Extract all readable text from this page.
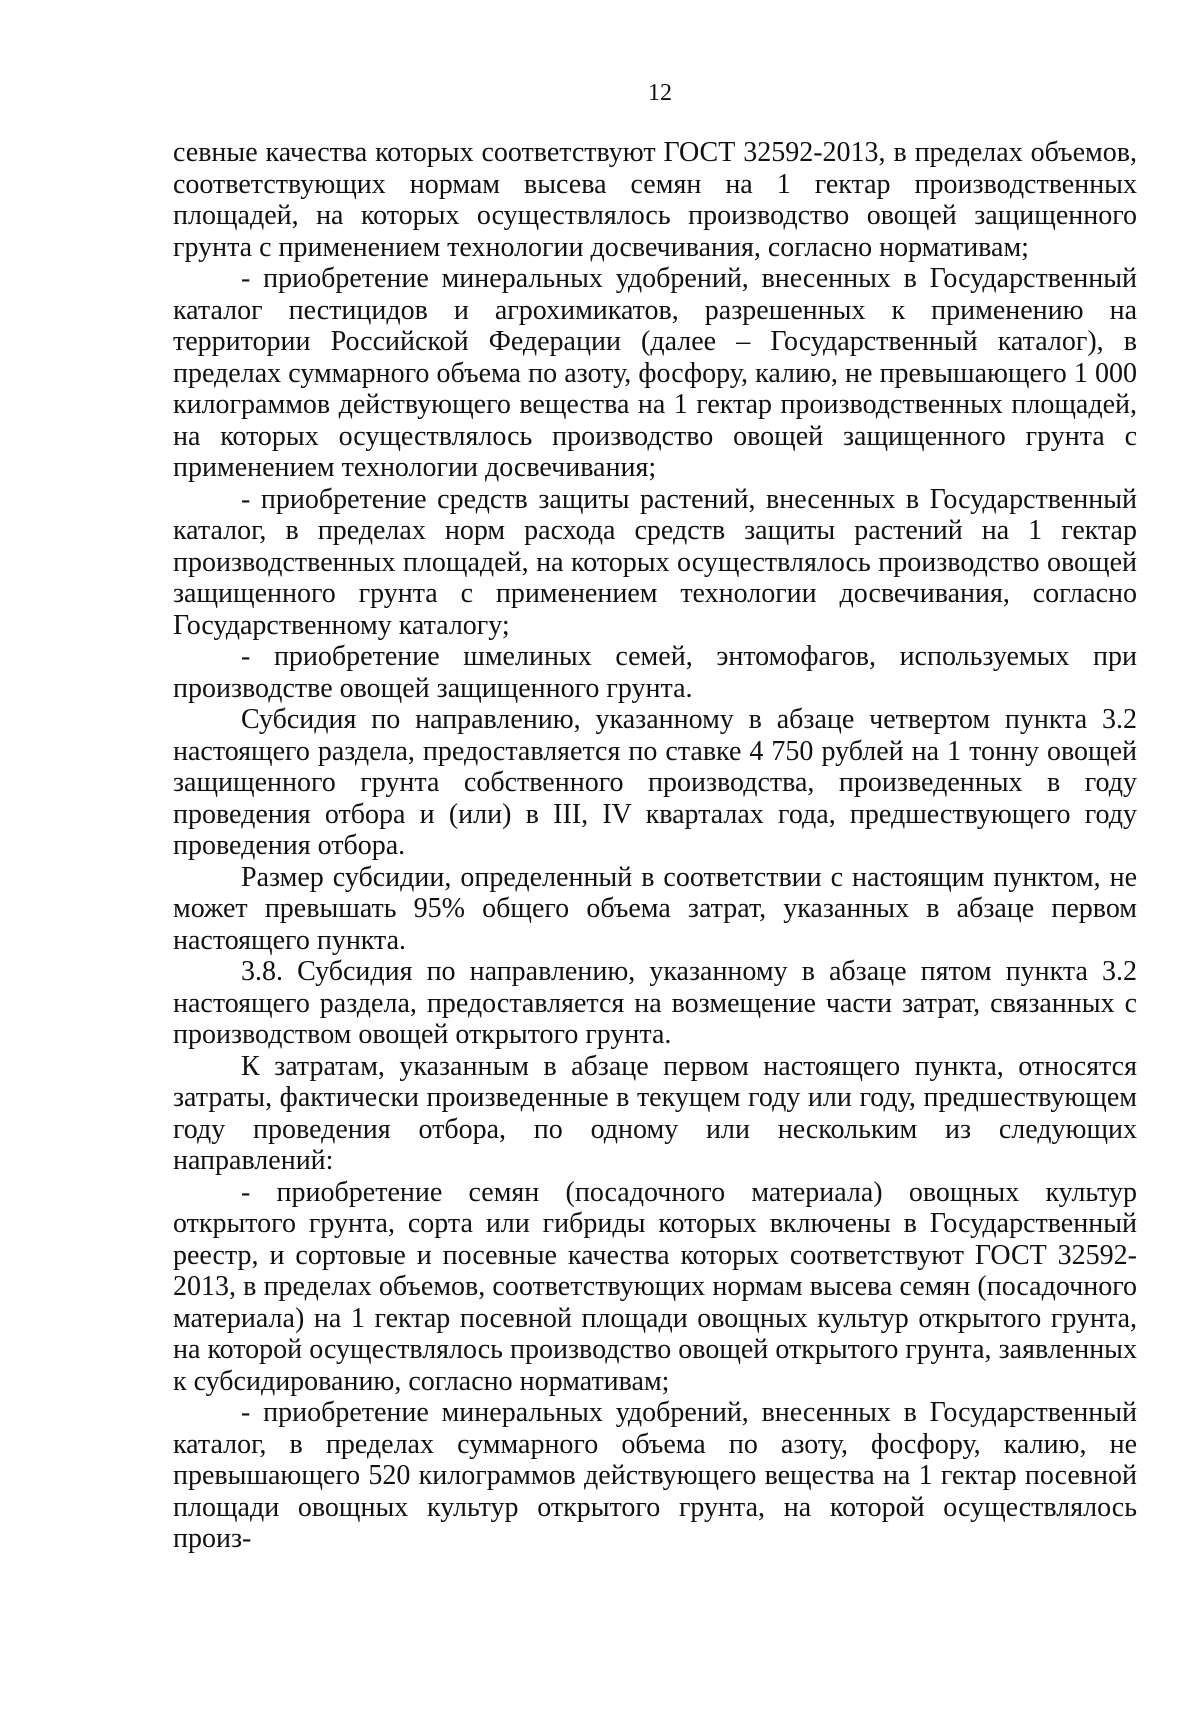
12

севные качества которых соответствуют ГОСТ 32592-2013, в пределах объемов, соответствующих нормам высева семян на 1 гектар производственных площадей, на которых осуществлялось производство овощей защищенного грунта с применением технологии досвечивания, согласно нормативам;

- приобретение минеральных удобрений, внесенных в Государственный каталог пестицидов и агрохимикатов, разрешенных к применению на территории Российской Федерации (далее – Государственный каталог), в пределах суммарного объема по азоту, фосфору, калию, не превышающего 1 000 килограммов действующего вещества на 1 гектар производственных площадей, на которых осуществлялось производство овощей защищенного грунта с применением технологии досвечивания;

- приобретение средств защиты растений, внесенных в Государственный каталог, в пределах норм расхода средств защиты растений на 1 гектар производственных площадей, на которых осуществлялось производство овощей защищенного грунта с применением технологии досвечивания, согласно Государственному каталогу;

- приобретение шмелиных семей, энтомофагов, используемых при производстве овощей защищенного грунта.

Субсидия по направлению, указанному в абзаце четвертом пункта 3.2 настоящего раздела, предоставляется по ставке 4 750 рублей на 1 тонну овощей защищенного грунта собственного производства, произведенных в году проведения отбора и (или) в III, IV кварталах года, предшествующего году проведения отбора.

Размер субсидии, определенный в соответствии с настоящим пунктом, не может превышать 95% общего объема затрат, указанных в абзаце первом настоящего пункта.

3.8. Субсидия по направлению, указанному в абзаце пятом пункта 3.2 настоящего раздела, предоставляется на возмещение части затрат, связанных с производством овощей открытого грунта.

К затратам, указанным в абзаце первом настоящего пункта, относятся затраты, фактически произведенные в текущем году или году, предшествующем году проведения отбора, по одному или нескольким из следующих направлений:

- приобретение семян (посадочного материала) овощных культур открытого грунта, сорта или гибриды которых включены в Государственный реестр, и сортовые и посевные качества которых соответствуют ГОСТ 32592-2013, в пределах объемов, соответствующих нормам высева семян (посадочного материала) на 1 гектар посевной площади овощных культур открытого грунта, на которой осуществлялось производство овощей открытого грунта, заявленных к субсидированию, согласно нормативам;

- приобретение минеральных удобрений, внесенных в Государственный каталог, в пределах суммарного объема по азоту, фосфору, калию, не превышающего 520 килограммов действующего вещества на 1 гектар посевной площади овощных культур открытого грунта, на которой осуществлялось произ-
